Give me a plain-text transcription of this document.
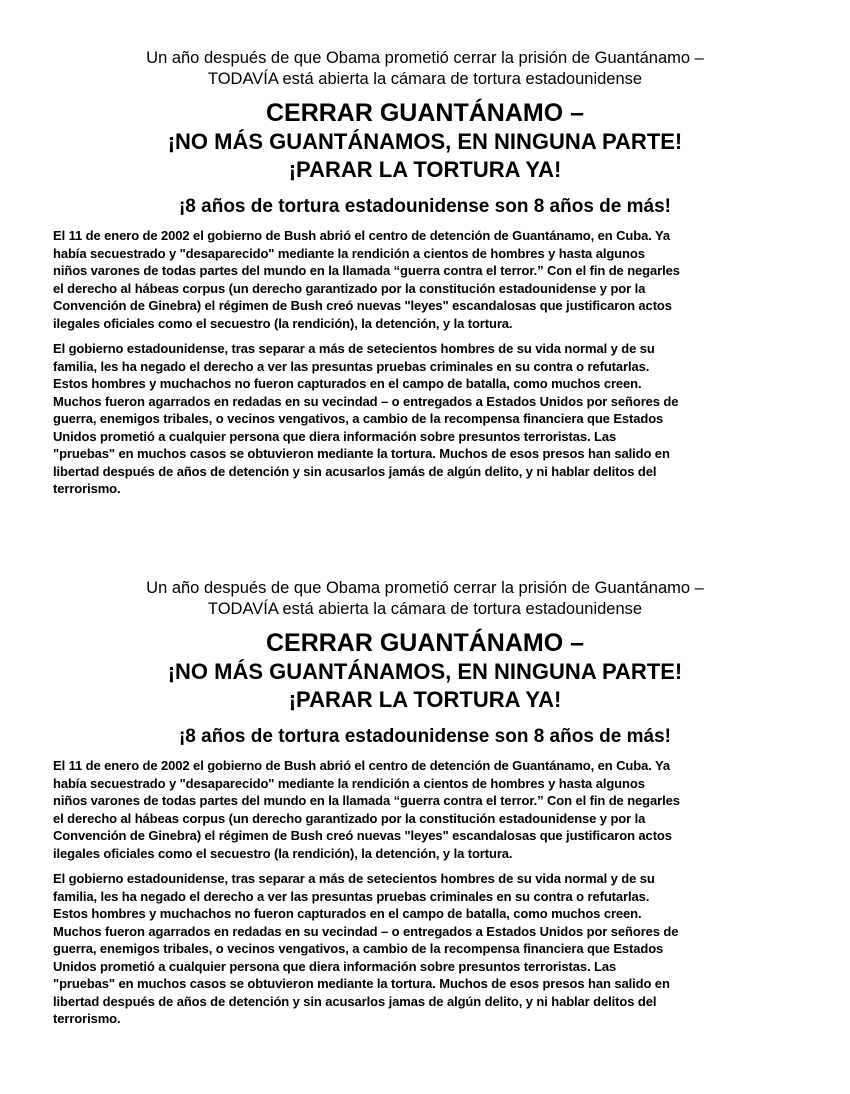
Un año después de que Obama prometió cerrar la prisión de Guantánamo –
TODAVÍA está abierta la cámara de tortura estadounidense

CERRAR GUANTÁNAMO –
¡NO MÁS GUANTÁNAMOS, EN NINGUNA PARTE!
¡PARAR LA TORTURA YA!
¡8 años de tortura estadounidense son 8 años de más!

El 11 de enero de 2002 el gobierno de Bush abrió el centro de detención de Guantánamo, en Cuba. Ya
había secuestrado y "desaparecido" mediante la rendición a cientos de hombres y hasta algunos
niños varones de todas partes del mundo en la llamada “guerra contra el terror.” Con el fin de negarles
el derecho al hábeas corpus (un derecho garantizado por la constitución estadounidense y por la
Convención de Ginebra) el régimen de Bush creó nuevas "leyes" escandalosas que justificaron actos
ilegales oficiales como el secuestro (la rendición), la detención, y la tortura.

El gobierno estadounidense, tras separar a más de setecientos hombres de su vida normal y de su
familia, les ha negado el derecho a ver las presuntas pruebas criminales en su contra o refutarlas.
Estos hombres y muchachos no fueron capturados en el campo de batalla, como muchos creen.
Muchos fueron agarrados en redadas en su vecindad – o entregados a Estados Unidos por señores de
guerra, enemigos tribales, o vecinos vengativos, a cambio de la recompensa financiera que Estados
Unidos prometió a cualquier persona que diera información sobre presuntos terroristas. Las
"pruebas" en muchos casos se obtuvieron mediante la tortura. Muchos de esos presos han salido en
libertad después de años de detención y sin acusarlos jamás de algún delito, y ni hablar delitos del
terrorismo.

Un año después de que Obama prometió cerrar la prisión de Guantánamo –
TODAVÍA está abierta la cámara de tortura estadounidense

CERRAR GUANTÁNAMO –
¡NO MÁS GUANTÁNAMOS, EN NINGUNA PARTE!
¡PARAR LA TORTURA YA!
¡8 años de tortura estadounidense son 8 años de más!

El 11 de enero de 2002 el gobierno de Bush abrió el centro de detención de Guantánamo, en Cuba. Ya
había secuestrado y "desaparecido" mediante la rendición a cientos de hombres y hasta algunos
niños varones de todas partes del mundo en la llamada “guerra contra el terror.” Con el fin de negarles
el derecho al hábeas corpus (un derecho garantizado por la constitución estadounidense y por la
Convención de Ginebra) el régimen de Bush creó nuevas "leyes" escandalosas que justificaron actos
ilegales oficiales como el secuestro (la rendición), la detención, y la tortura.

El gobierno estadounidense, tras separar a más de setecientos hombres de su vida normal y de su
familia, les ha negado el derecho a ver las presuntas pruebas criminales en su contra o refutarlas.
Estos hombres y muchachos no fueron capturados en el campo de batalla, como muchos creen.
Muchos fueron agarrados en redadas en su vecindad – o entregados a Estados Unidos por señores de
guerra, enemigos tribales, o vecinos vengativos, a cambio de la recompensa financiera que Estados
Unidos prometió a cualquier persona que diera información sobre presuntos terroristas. Las
"pruebas" en muchos casos se obtuvieron mediante la tortura. Muchos de esos presos han salido en
libertad después de años de detención y sin acusarlos jamas de algún delito, y ni hablar delitos del
terrorismo.
